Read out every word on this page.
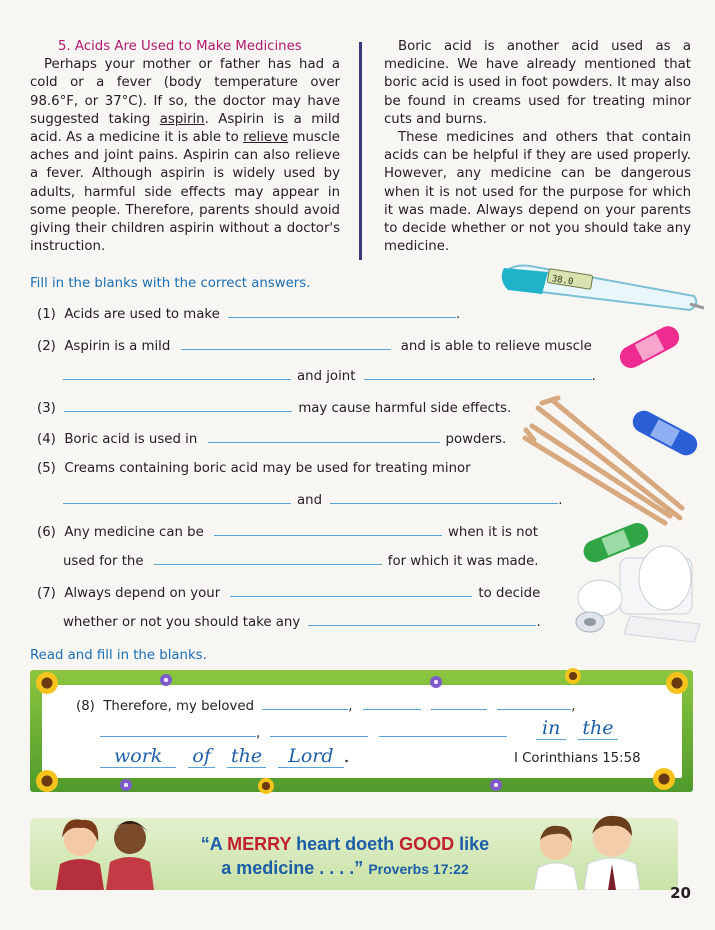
5. Acids Are Used to Make Medicines

Perhaps your mother or father has had a cold or a fever (body temperature over 98.6°F, or 37°C). If so, the doctor may have suggested taking aspirin. Aspirin is a mild acid. As a medicine it is able to relieve muscle aches and joint pains. Aspirin can also relieve a fever. Although aspirin is widely used by adults, harmful side effects may appear in some people. Therefore, parents should avoid giving their children aspirin without a doctor's instruction.

Boric acid is another acid used as a medicine. We have already mentioned that boric acid is used in foot powders. It may also be found in creams used for treating minor cuts and burns.

These medicines and others that contain acids can be helpful if they are used properly. However, any medicine can be dangerous when it is not used for the purpose for which it was made. Always depend on your parents to decide whether or not you should take any medicine.

Fill in the blanks with the correct answers.
(1) Acids are used to make	.
(2) Aspirin is a mild	and is able to relieve muscle
and joint	.
(3)	may cause harmful side effects.
(4) Boric acid is used in	powders.
(5) Creams containing boric acid may be used for treating minor
and	.
(6) Any medicine can be	when it is not
used for the	for which it was made.
(7) Always depend on your	to decide
whether or not you should take any	.
38.0
Read and fill in the blanks.
(8) Therefore, my beloved	,	,
,	in the
work of the Lord .	I Corinthians 15:58
“A MERRY heart doeth GOOD like
a medicine . . . .” Proverbs 17:22
20
